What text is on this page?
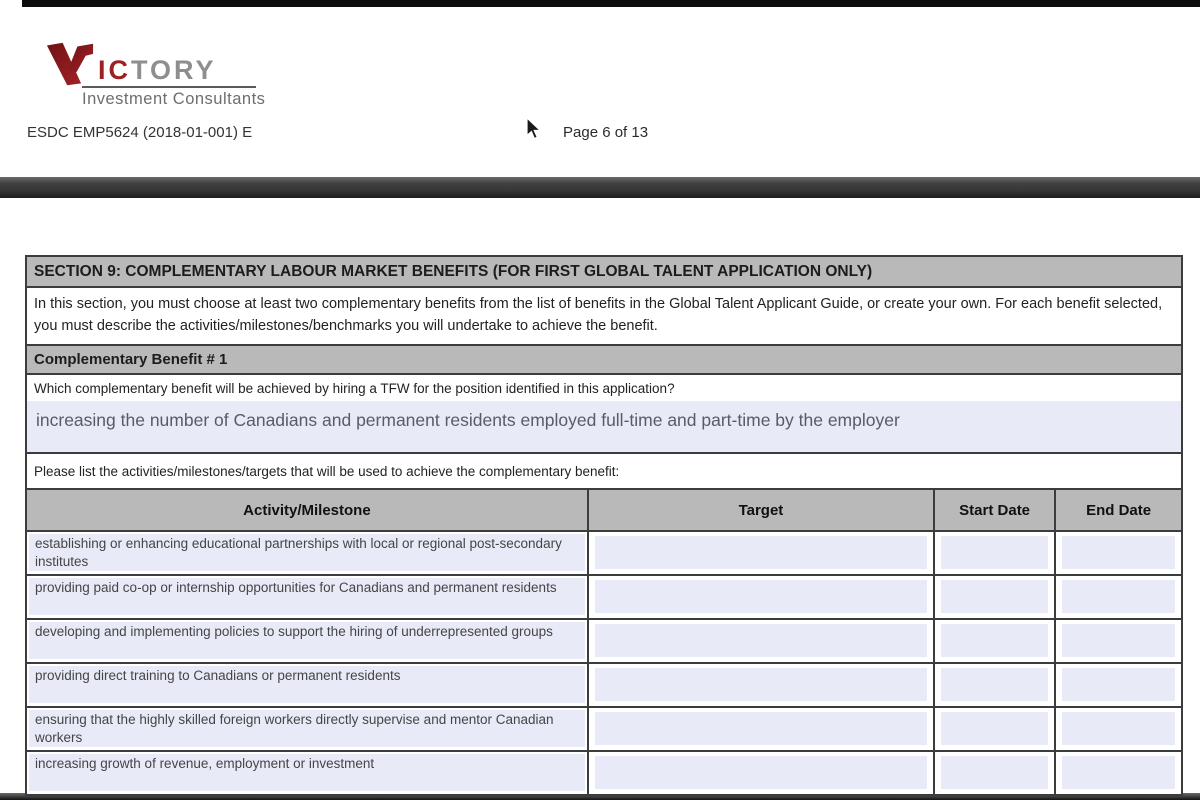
ICTORY
Investment Consultants
ESDC EMP5624 (2018-01-001) E	Page 6 of 13
SECTION 9: COMPLEMENTARY LABOUR MARKET BENEFITS (FOR FIRST GLOBAL TALENT APPLICATION ONLY)
In this section, you must choose at least two complementary benefits from the list of benefits in the Global Talent Applicant Guide, or create your own. For each benefit selected, you must describe the activities/milestones/benchmarks you will undertake to achieve the benefit.
Complementary Benefit # 1
Which complementary benefit will be achieved by hiring a TFW for the position identified in this application?
increasing the number of Canadians and permanent residents employed full-time and part-time by the employer
Please list the activities/milestones/targets that will be used to achieve the complementary benefit:
Activity/Milestone	Target	Start Date	End Date

establishing or enhancing educational partnerships with local or regional post-secondary institutes			

providing paid co-op or internship opportunities for Canadians and permanent residents			

developing and implementing policies to support the hiring of underrepresented groups			

providing direct training to Canadians or permanent residents			

ensuring that the highly skilled foreign workers directly supervise and mentor Canadian workers			

increasing growth of revenue, employment or investment			
